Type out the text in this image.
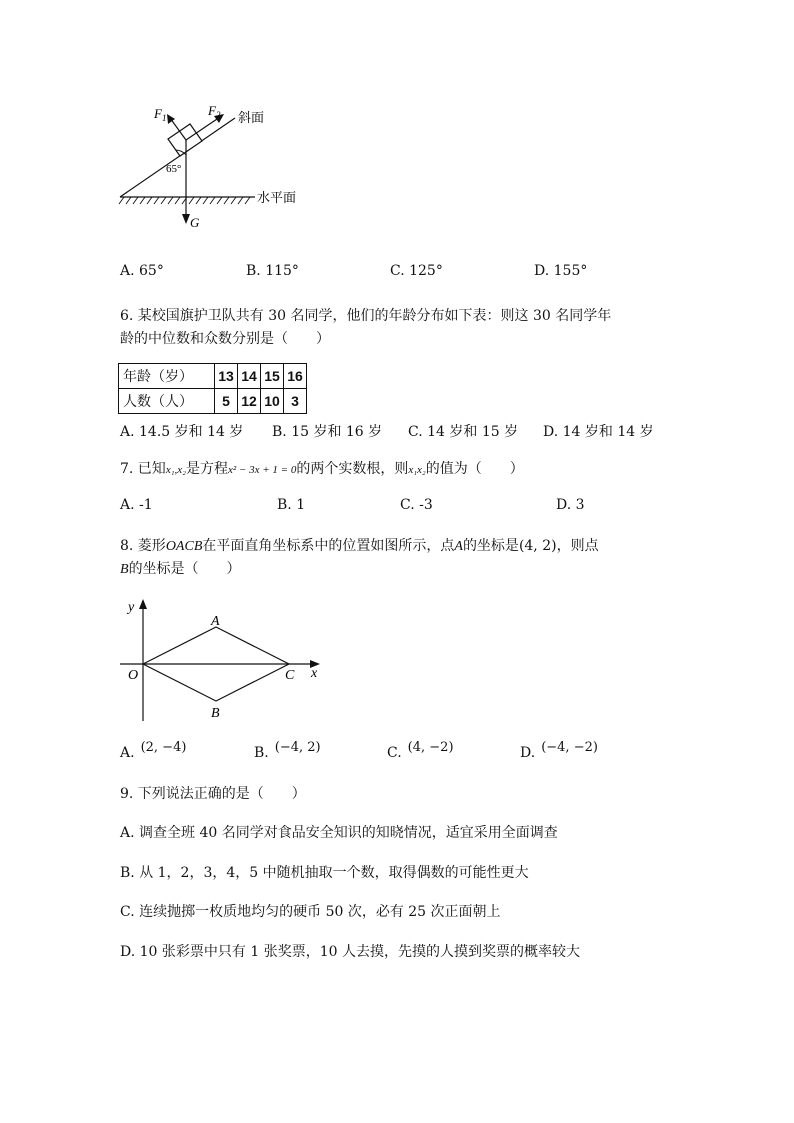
$F_1$	$F_2$
65°
斜面
水平面
G
A. 65°	B. 115°	C. 125°	D. 155°
6. 某校国旗护卫队共有 30 名同学，他们的年龄分布如下表：则这 30 名同学年
龄的中位数和众数分别是（　　）
年龄（岁）	13	14	15	16
人数（人）	5	12	10	3
A. 14.5 岁和 14 岁 B. 15 岁和 16 岁 C. 14 岁和 15 岁 D. 14 岁和 14 岁
7. 已知x₁,x₂是方程x² − 3x + 1 = 0的两个实数根，则x₁x₂的值为（　　）
A. -1	B. 1	C. -3	D. 3
8. 菱形OACB在平面直角坐标系中的位置如图所示，点A的坐标是(4, 2)，则点
B的坐标是（　　）
y
x
O
A
B
C
A. (2, −4)	B. (−4, 2)	C. (4, −2)	D. (−4, −2)
9. 下列说法正确的是（　　）
A. 调查全班 40 名同学对食品安全知识的知晓情况，适宜采用全面调查
B. 从 1，2，3，4，5 中随机抽取一个数，取得偶数的可能性更大
C. 连续抛掷一枚质地均匀的硬币 50 次，必有 25 次正面朝上
D. 10 张彩票中只有 1 张奖票，10 人去摸，先摸的人摸到奖票的概率较大
